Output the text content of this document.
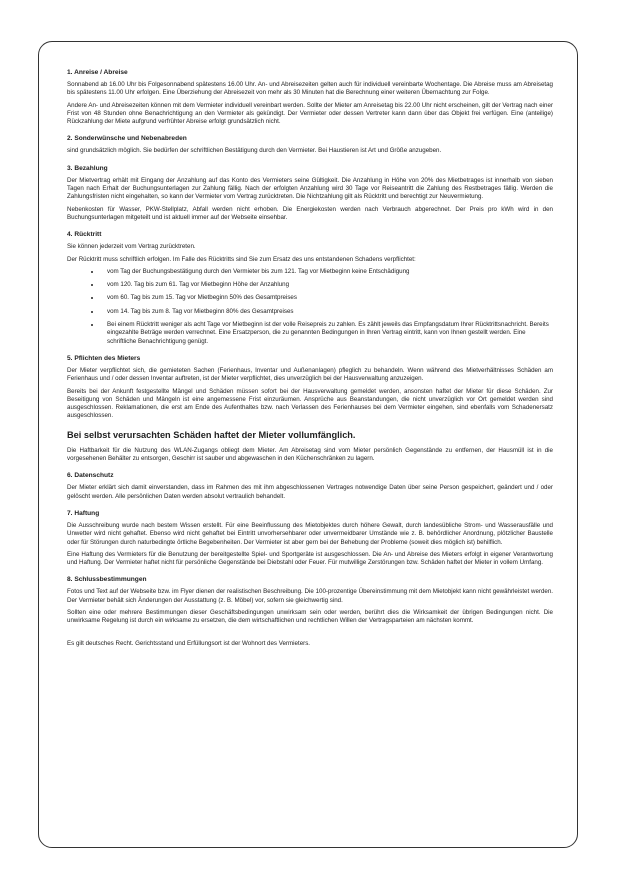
1. Anreise / Abreise
Sonnabend ab 16.00 Uhr bis Folgesonnabend spätestens 16.00 Uhr. An- und Abreisezeiten gelten auch für individuell vereinbarte Wochentage. Die Abreise muss am Abreisetag bis spätestens 11.00 Uhr erfolgen. Eine Überziehung der Abreisezeit von mehr als 30 Minuten hat die Berechnung einer weiteren Übernachtung zur Folge.
Andere An- und Abreisezeiten können mit dem Vermieter individuell vereinbart werden. Sollte der Mieter am Anreisetag bis 22.00 Uhr nicht erscheinen, gilt der Vertrag nach einer Frist von 48 Stunden ohne Benachrichtigung an den Vermieter als gekündigt. Der Vermieter oder dessen Vertreter kann dann über das Objekt frei verfügen. Eine (anteilige) Rückzahlung der Miete aufgrund verfrühter Abreise erfolgt grundsätzlich nicht.
2. Sonderwünsche und Nebenabreden
sind grundsätzlich möglich. Sie bedürfen der schriftlichen Bestätigung durch den Vermieter. Bei Haustieren ist Art und Größe anzugeben.
3. Bezahlung
Der Mietvertrag erhält mit Eingang der Anzahlung auf das Konto des Vermieters seine Gültigkeit. Die Anzahlung in Höhe von 20% des Mietbetrages ist innerhalb von sieben Tagen nach Erhalt der Buchungsunterlagen zur Zahlung fällig. Nach der erfolgten Anzahlung wird 30 Tage vor Reiseantritt die Zahlung des Restbetrages fällig. Werden die Zahlungsfristen nicht eingehalten, so kann der Vermieter vom Vertrag zurücktreten. Die Nichtzahlung gilt als Rücktritt und berechtigt zur Neuvermietung.
Nebenkosten für Wasser, PKW-Stellplatz, Abfall werden nicht erhoben. Die Energiekosten werden nach Verbrauch abgerechnet. Der Preis pro kWh wird in den Buchungsunterlagen mitgeteilt und ist aktuell immer auf der Webseite einsehbar.
4. Rücktritt
Sie können jederzeit vom Vertrag zurücktreten.
Der Rücktritt muss schriftlich erfolgen. Im Falle des Rücktritts sind Sie zum Ersatz des uns entstandenen Schadens verpflichtet:
• vom Tag der Buchungsbestätigung durch den Vermieter bis zum 121. Tag vor Mietbeginn keine Entschädigung
• vom 120. Tag bis zum 61. Tag vor Mietbeginn Höhe der Anzahlung
• vom 60. Tag bis zum 15. Tag vor Mietbeginn 50% des Gesamtpreises
• vom 14. Tag bis zum 8. Tag vor Mietbeginn 80% des Gesamtpreises
• Bei einem Rücktritt weniger als acht Tage vor Mietbeginn ist der volle Reisepreis zu zahlen. Es zählt jeweils das Empfangsdatum Ihrer Rücktrittsnachricht. Bereits eingezahlte Beträge werden verrechnet. Eine Ersatzperson, die zu genannten Bedingungen in Ihren Vertrag eintritt, kann von Ihnen gestellt werden. Eine schriftliche Benachrichtigung genügt.
5. Pflichten des Mieters
Der Mieter verpflichtet sich, die gemieteten Sachen (Ferienhaus, Inventar und Außenanlagen) pfleglich zu behandeln. Wenn während des Mietverhältnisses Schäden am Ferienhaus und / oder dessen Inventar auftreten, ist der Mieter verpflichtet, dies unverzüglich bei der Hausverwaltung anzuzeigen.
Bereits bei der Ankunft festgestellte Mängel und Schäden müssen sofort bei der Hausverwaltung gemeldet werden, ansonsten haftet der Mieter für diese Schäden. Zur Beseitigung von Schäden und Mängeln ist eine angemessene Frist einzuräumen. Ansprüche aus Beanstandungen, die nicht unverzüglich vor Ort gemeldet werden sind ausgeschlossen. Reklamationen, die erst am Ende des Aufenthaltes bzw. nach Verlassen des Ferienhauses bei dem Vermieter eingehen, sind ebenfalls vom Schadenersatz ausgeschlossen.
Bei selbst verursachten Schäden haftet der Mieter vollumfänglich.
Die Haftbarkeit für die Nutzung des WLAN-Zugangs obliegt dem Mieter. Am Abreisetag sind vom Mieter persönlich Gegenstände zu entfernen, der Hausmüll ist in die vorgesehenen Behälter zu entsorgen, Geschirr ist sauber und abgewaschen in den Küchenschränken zu lagern.
6. Datenschutz
Der Mieter erklärt sich damit einverstanden, dass im Rahmen des mit ihm abgeschlossenen Vertrages notwendige Daten über seine Person gespeichert, geändert und / oder gelöscht werden. Alle persönlichen Daten werden absolut vertraulich behandelt.
7. Haftung
Die Ausschreibung wurde nach bestem Wissen erstellt. Für eine Beeinflussung des Mietobjektes durch höhere Gewalt, durch landesübliche Strom- und Wasserausfälle und Unwetter wird nicht gehaftet. Ebenso wird nicht gehaftet bei Eintritt unvorhersehbarer oder unvermeidbarer Umstände wie z. B. behördlicher Anordnung, plötzlicher Baustelle oder für Störungen durch naturbedingte örtliche Begebenheiten. Der Vermieter ist aber gern bei der Behebung der Probleme (soweit dies möglich ist) behilflich.
Eine Haftung des Vermieters für die Benutzung der bereitgestellte Spiel- und Sportgeräte ist ausgeschlossen. Die An- und Abreise des Mieters erfolgt in eigener Verantwortung und Haftung. Der Vermieter haftet nicht für persönliche Gegenstände bei Diebstahl oder Feuer. Für mutwillige Zerstörungen bzw. Schäden haftet der Mieter in vollem Umfang.
8. Schlussbestimmungen
Fotos und Text auf der Webseite bzw. im Flyer dienen der realistischen Beschreibung. Die 100-prozentige Übereinstimmung mit dem Mietobjekt kann nicht gewährleistet werden. Der Vermieter behält sich Änderungen der Ausstattung (z. B. Möbel) vor, sofern sie gleichwertig sind.
Sollten eine oder mehrere Bestimmungen dieser Geschäftsbedingungen unwirksam sein oder werden, berührt dies die Wirksamkeit der übrigen Bedingungen nicht. Die unwirksame Regelung ist durch ein wirksame zu ersetzen, die dem wirtschaftlichen und rechtlichen Willen der Vertragsparteien am nächsten kommt.
Es gilt deutsches Recht. Gerichtsstand und Erfüllungsort ist der Wohnort des Vermieters.
